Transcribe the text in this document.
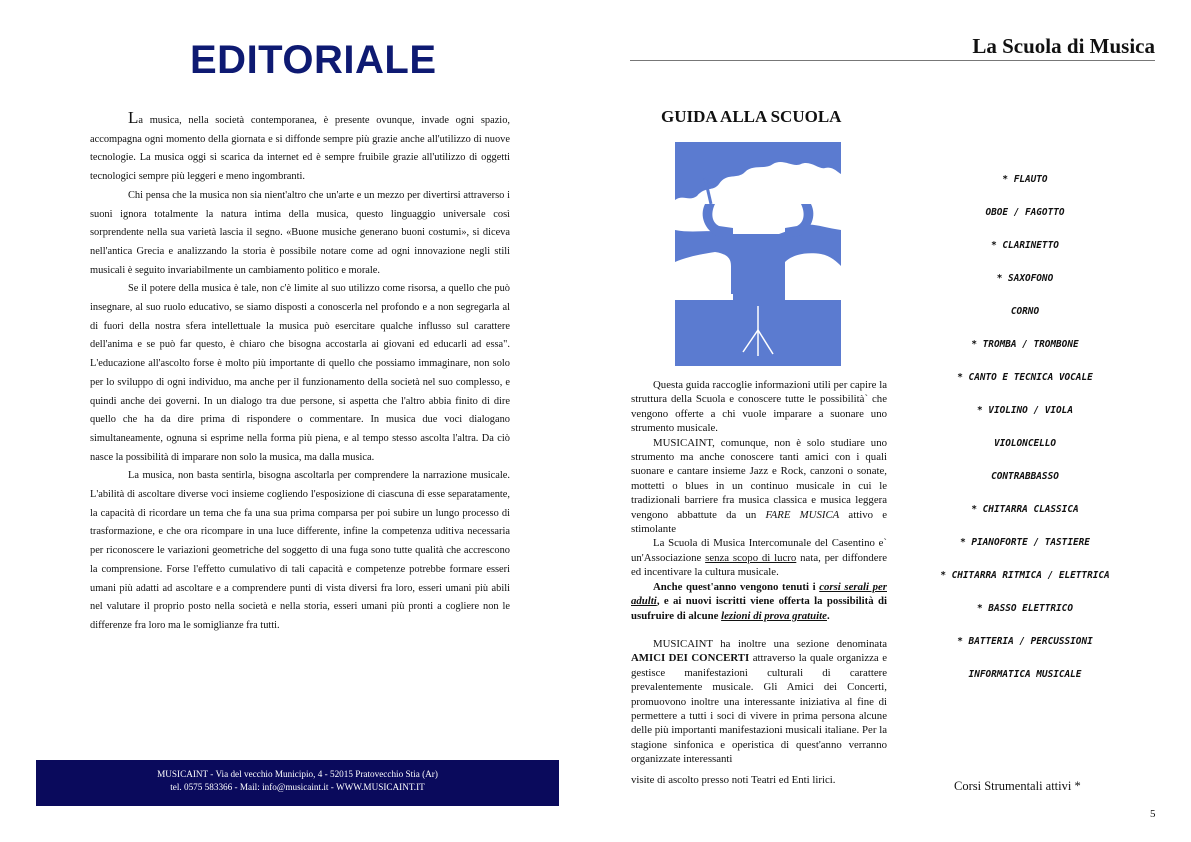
EDITORIALE

La musica, nella società contemporanea, è presente ovunque, invade ogni spazio, accompagna ogni momento della giornata e si diffonde sempre più grazie anche all'utilizzo di nuove tecnologie. La musica oggi si scarica da internet ed è sempre fruibile grazie all'utilizzo di oggetti tecnologici sempre più leggeri e meno ingombranti.

Chi pensa che la musica non sia nient'altro che un'arte e un mezzo per divertirsi attraverso i suoni ignora totalmente la natura intima della musica, questo linguaggio universale così sorprendente nella sua varietà lascia il segno. «Buone musiche generano buoni costumi», si diceva nell'antica Grecia e analizzando la storia è possibile notare come ad ogni innovazione negli stili musicali è seguito invariabilmente un cambiamento politico e morale.

Se il potere della musica è tale, non c'è limite al suo utilizzo come risorsa, a quello che può insegnare, al suo ruolo educativo, se siamo disposti a conoscerla nel profondo e a non segregarla al di fuori della nostra sfera intellettuale la musica può esercitare qualche influsso sul carattere dell'anima e se può far questo, è chiaro che bisogna accostarla ai giovani ed educarli ad essa". L'educazione all'ascolto forse è molto più importante di quello che possiamo immaginare, non solo per lo sviluppo di ogni individuo, ma anche per il funzionamento della società nel suo complesso, e quindi anche dei governi. In un dialogo tra due persone, si aspetta che l'altro abbia finito di dire quello che ha da dire prima di rispondere o commentare. In musica due voci dialogano simultaneamente, ognuna si esprime nella forma più piena, e al tempo stesso ascolta l'altra. Da ciò nasce la possibilità di imparare non solo la musica, ma dalla musica.

La musica, non basta sentirla, bisogna ascoltarla per comprendere la narrazione musicale. L'abilità di ascoltare diverse voci insieme cogliendo l'esposizione di ciascuna di esse separatamente, la capacità di ricordare un tema che fa una sua prima comparsa per poi subire un lungo processo di trasformazione, e che ora ricompare in una luce differente, infine la competenza uditiva necessaria per riconoscere le variazioni geometriche del soggetto di una fuga sono tutte qualità che accrescono la comprensione. Forse l'effetto cumulativo di tali capacità e competenze potrebbe formare esseri umani più adatti ad ascoltare e a comprendere punti di vista diversi fra loro, esseri umani più abili nel valutare il proprio posto nella società e nella storia, esseri umani più pronti a cogliere non le differenze fra loro ma le somiglianze fra tutti.

MUSICAINT - Via del vecchio Municipio, 4 - 52015 Pratovecchio Stia (Ar)
tel. 0575 583366 - Mail: info@musicaint.it - WWW.MUSICAINT.IT
La Scuola di Musica
GUIDA ALLA SCUOLA

Questa guida raccoglie informazioni utili per capire la struttura della Scuola e conoscere tutte le possibilità` che vengono offerte a chi vuole imparare a suonare uno strumento musicale.

MUSICAINT, comunque, non è solo studiare uno strumento ma anche conoscere tanti amici con i quali suonare e cantare insieme Jazz e Rock, canzoni o sonate, mottetti o blues in un continuo musicale in cui le tradizionali barriere fra musica classica e musica leggera vengono abbattute da un FARE MUSICA attivo e stimolante

La Scuola di Musica Intercomunale del Casentino e` un'Associazione senza scopo di lucro nata, per diffondere ed incentivare la cultura musicale.

Anche quest'anno vengono tenuti i corsi serali per adulti, e ai nuovi iscritti viene offerta la possibilità di usufruire di alcune lezioni di prova gratuite.

MUSICAINT ha inoltre una sezione denominata AMICI DEI CONCERTI attraverso la quale organizza e gestisce manifestazioni culturali di carattere prevalentemente musicale. Gli Amici dei Concerti, promuovono inoltre una interessante iniziativa al fine di permettere a tutti i soci di vivere in prima persona alcune delle più importanti manifestazioni musicali italiane. Per la stagione sinfonica e operistica di quest'anno verranno organizzate interessanti

visite di ascolto presso noti Teatri ed Enti lirici.

* FLAUTO
OBOE / FAGOTTO
* CLARINETTO
* SAXOFONO
CORNO
* TROMBA / TROMBONE
* CANTO E TECNICA VOCALE
* VIOLINO / VIOLA
VIOLONCELLO
CONTRABBASSO
* CHITARRA CLASSICA
* PIANOFORTE / TASTIERE
* CHITARRA RITMICA / ELETTRICA
* BASSO ELETTRICO
* BATTERIA / PERCUSSIONI
INFORMATICA MUSICALE
Corsi Strumentali attivi *
5
